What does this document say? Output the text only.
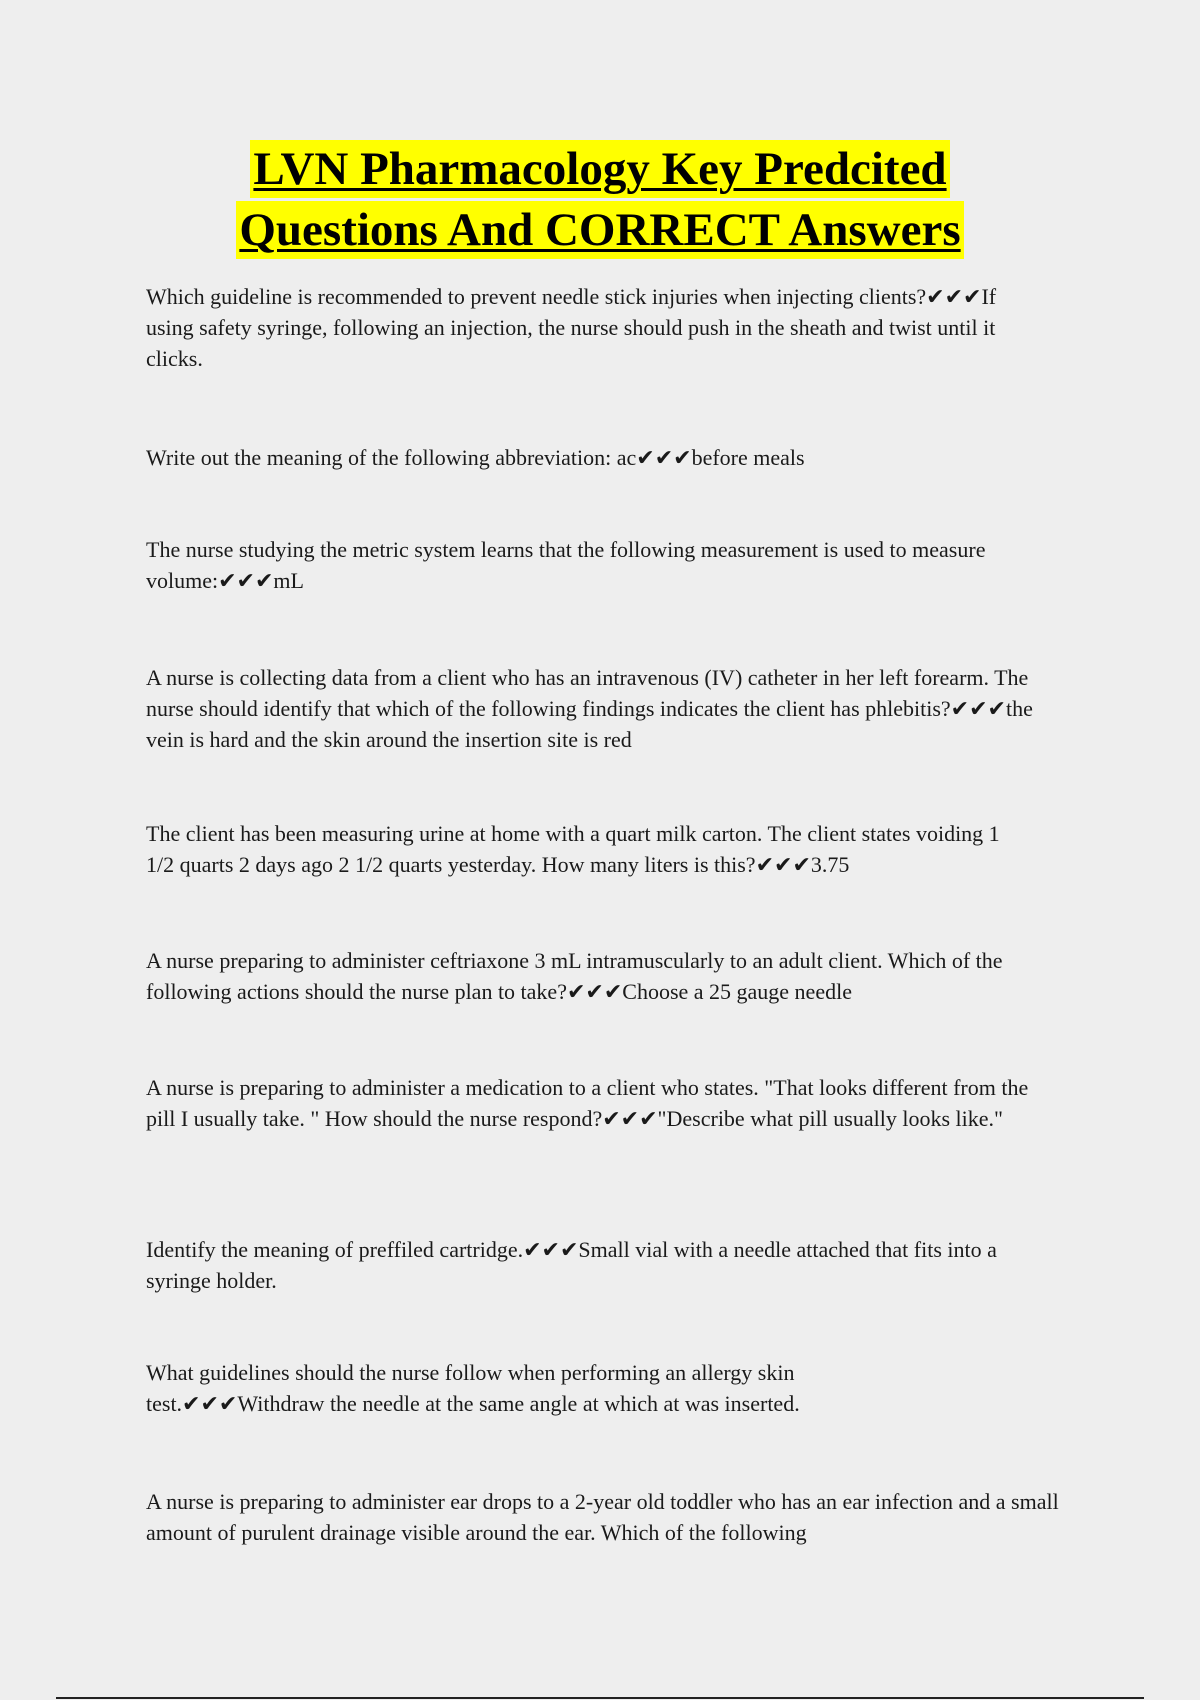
LVN Pharmacology Key Predcited
Questions And CORRECT Answers

Which guideline is recommended to prevent needle stick injuries when injecting clients?✔✔✔If using safety syringe, following an injection, the nurse should push in the sheath and twist until it clicks.

Write out the meaning of the following abbreviation: ac✔✔✔before meals

The nurse studying the metric system learns that the following measurement is used to measure volume:✔✔✔mL

A nurse is collecting data from a client who has an intravenous (IV) catheter in her left forearm. The nurse should identify that which of the following findings indicates the client has phlebitis?✔✔✔the vein is hard and the skin around the insertion site is red

The client has been measuring urine at home with a quart milk carton. The client states voiding 1 1/2 quarts 2 days ago 2 1/2 quarts yesterday. How many liters is this?✔✔✔3.75

A nurse preparing to administer ceftriaxone 3 mL intramuscularly to an adult client. Which of the following actions should the nurse plan to take?✔✔✔Choose a 25 gauge needle

A nurse is preparing to administer a medication to a client who states. "That looks different from the pill I usually take. " How should the nurse respond?✔✔✔"Describe what pill usually looks like."

Identify the meaning of preffiled cartridge.✔✔✔Small vial with a needle attached that fits into a syringe holder.

What guidelines should the nurse follow when performing an allergy skin test.✔✔✔Withdraw the needle at the same angle at which at was inserted.

A nurse is preparing to administer ear drops to a 2-year old toddler who has an ear infection and a small amount of purulent drainage visible around the ear. Which of the following
